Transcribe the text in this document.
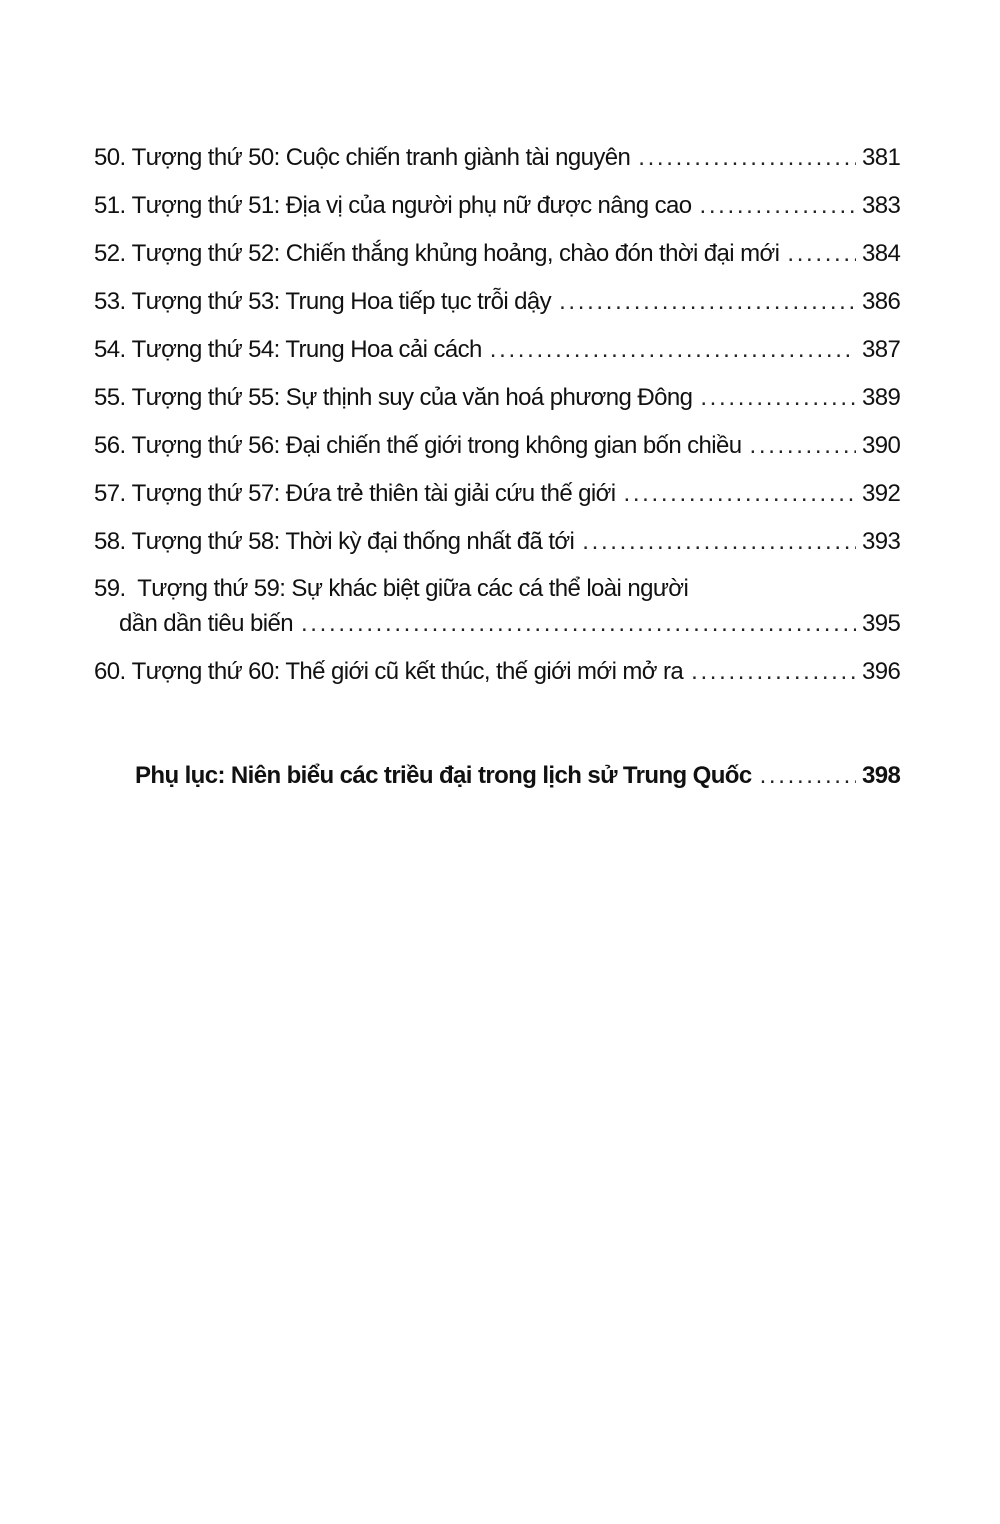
50. Tượng thứ 50: Cuộc chiến tranh giành tài nguyên . . .	381
51. Tượng thứ 51: Địa vị của người phụ nữ được nâng cao . . .	383
52. Tượng thứ 52: Chiến thắng khủng hoảng, chào đón thời đại mới . . .	384
53. Tượng thứ 53: Trung Hoa tiếp tục trỗi dậy . . .	386
54. Tượng thứ 54: Trung Hoa cải cách . . .	387
55. Tượng thứ 55: Sự thịnh suy của văn hoá phương Đông . . .	389
56. Tượng thứ 56: Đại chiến thế giới trong không gian bốn chiều . . .	390
57. Tượng thứ 57: Đứa trẻ thiên tài giải cứu thế giới . . .	392
58. Tượng thứ 58: Thời kỳ đại thống nhất đã tới . . .	393
59. Tượng thứ 59: Sự khác biệt giữa các cá thể loài người
dần dần tiêu biến . . .	395
60. Tượng thứ 60: Thế giới cũ kết thúc, thế giới mới mở ra . . .	396
Phụ lục: Niên biểu các triều đại trong lịch sử Trung Quốc . . .	398
